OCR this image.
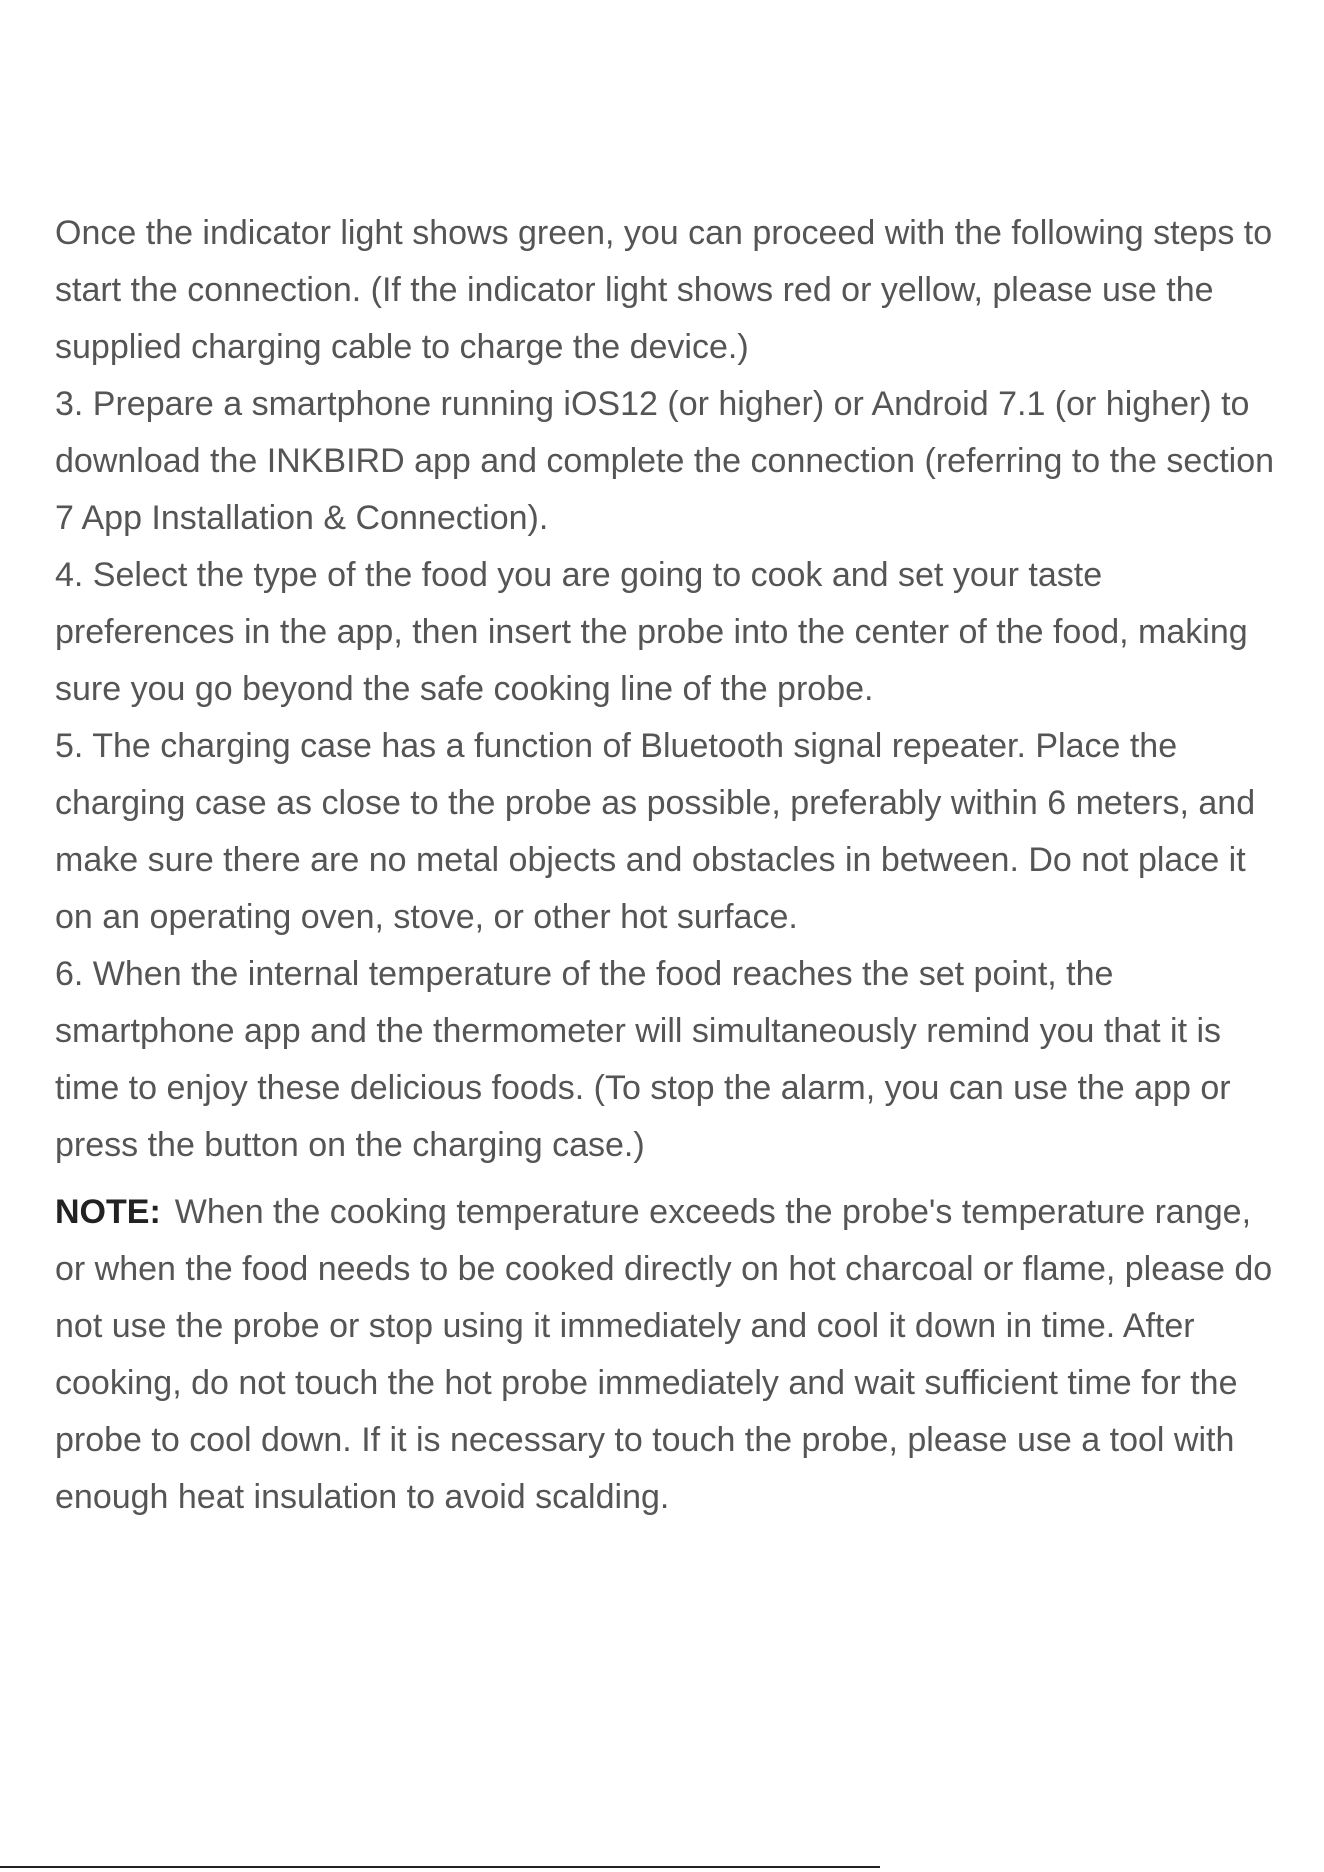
Once the indicator light shows green, you can proceed with the following steps to start the connection. (If the indicator light shows red or yellow, please use the supplied charging cable to charge the device.)

3. Prepare a smartphone running iOS12 (or higher) or Android 7.1 (or higher) to download the INKBIRD app and complete the connection (referring to the section 7 App Installation & Connection).

4. Select the type of the food you are going to cook and set your taste preferences in the app, then insert the probe into the center of the food, making sure you go beyond the safe cooking line of the probe.

5. The charging case has a function of Bluetooth signal repeater. Place the charging case as close to the probe as possible, preferably within 6 meters, and make sure there are no metal objects and obstacles in between. Do not place it on an operating oven, stove, or other hot surface.

6. When the internal temperature of the food reaches the set point, the smartphone app and the thermometer will simultaneously remind you that it is time to enjoy these delicious foods. (To stop the alarm, you can use the app or press the button on the charging case.)

NOTE: When the cooking temperature exceeds the probe's temperature range, or when the food needs to be cooked directly on hot charcoal or flame, please do not use the probe or stop using it immediately and cool it down in time. After cooking, do not touch the hot probe immediately and wait sufficient time for the probe to cool down. If it is necessary to touch the probe, please use a tool with enough heat insulation to avoid scalding.
